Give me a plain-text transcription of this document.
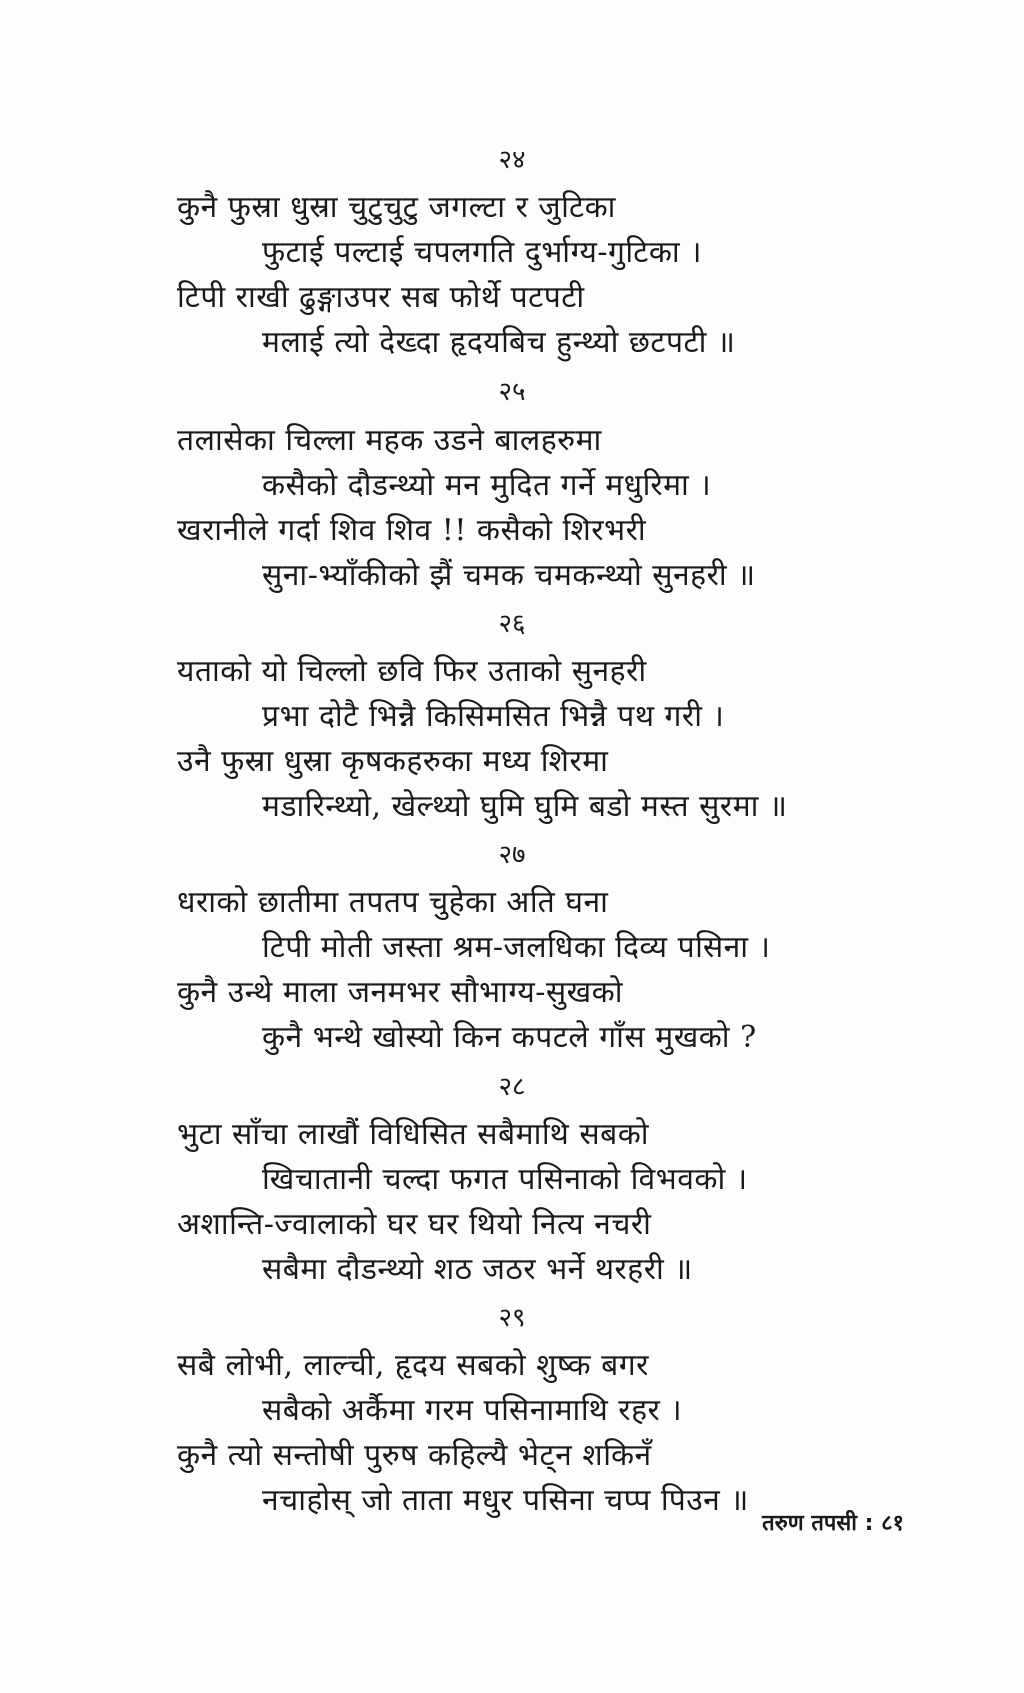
२४
कुनै फुस्रा धुस्रा चुटुचुटु जगल्टा र जुटिका
फुटाई पल्टाई चपलगति दुर्भाग्य-गुटिका ।
टिपी राखी ढुङ्गाउपर सब फोर्थे पटपटी
मलाई त्यो देख्दा हृदयबिच हुन्थ्यो छटपटी ॥
२५
तलासेका चिल्ला महक उडने बालहरुमा
कसैको दौडन्थ्यो मन मुदित गर्ने मधुरिमा ।
खरानीले गर्दा शिव शिव !! कसैको शिरभरी
सुना-भ्याँकीको झैं चमक चमकन्थ्यो सुनहरी ॥
२६
यताको यो चिल्लो छवि फिर उताको सुनहरी
प्रभा दोटै भिन्नै किसिमसित भिन्नै पथ गरी ।
उनै फुस्रा धुस्रा कृषकहरुका मध्य शिरमा
मडारिन्थ्यो, खेल्थ्यो घुमि घुमि बडो मस्त सुरमा ॥
२७
धराको छातीमा तपतप चुहेका अति घना
टिपी मोती जस्ता श्रम-जलधिका दिव्य पसिना ।
कुनै उन्थे माला जनमभर सौभाग्य-सुखको
कुनै भन्थे खोस्यो किन कपटले गाँस मुखको ?
२८
भुटा साँचा लाखौं विधिसित सबैमाथि सबको
खिचातानी चल्दा फगत पसिनाको विभवको ।
अशान्ति-ज्वालाको घर घर थियो नित्य नचरी
सबैमा दौडन्थ्यो शठ जठर भर्ने थरहरी ॥
२९
सबै लोभी, लाल्ची, हृदय सबको शुष्क बगर
सबैको अर्कैमा गरम पसिनामाथि रहर ।
कुनै त्यो सन्तोषी पुरुष कहिल्यै भेट्न शकिनँ
नचाहोस् जो ताता मधुर पसिना चप्प पिउन ॥
तरुण तपसी : ८१
